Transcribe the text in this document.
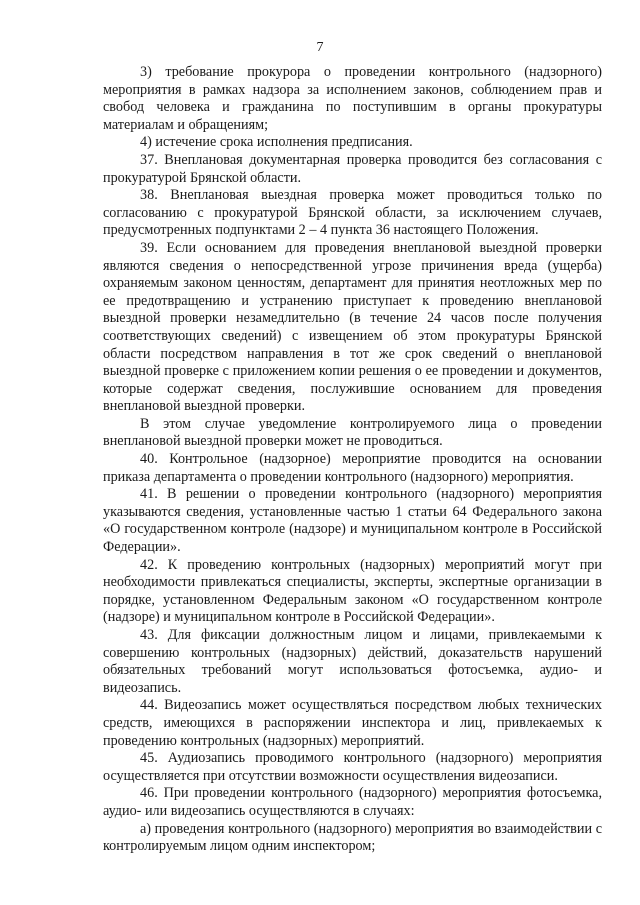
7

3) требование прокурора о проведении контрольного (надзорного) мероприятия в рамках надзора за исполнением законов, соблюдением прав и свобод человека и гражданина по поступившим в органы прокуратуры материалам и обращениям;

4) истечение срока исполнения предписания.

37. Внеплановая документарная проверка проводится без согласования с прокуратурой Брянской области.

38. Внеплановая выездная проверка может проводиться только по согласованию с прокуратурой Брянской области, за исключением случаев, предусмотренных подпунктами 2 – 4 пункта 36 настоящего Положения.

39. Если основанием для проведения внеплановой выездной проверки являются сведения о непосредственной угрозе причинения вреда (ущерба) охраняемым законом ценностям, департамент для принятия неотложных мер по ее предотвращению и устранению приступает к проведению внеплановой выездной проверки незамедлительно (в течение 24 часов после получения соответствующих сведений) с извещением об этом прокуратуры Брянской области посредством направления в тот же срок сведений о внеплановой выездной проверке с приложением копии решения о ее проведении и документов, которые содержат сведения, послужившие основанием для проведения внеплановой выездной проверки.

В этом случае уведомление контролируемого лица о проведении внеплановой выездной проверки может не проводиться.

40. Контрольное (надзорное) мероприятие проводится на основании приказа департамента о проведении контрольного (надзорного) мероприятия.

41. В решении о проведении контрольного (надзорного) мероприятия указываются сведения, установленные частью 1 статьи 64 Федерального закона «О государственном контроле (надзоре) и муниципальном контроле в Российской Федерации».

42. К проведению контрольных (надзорных) мероприятий могут при необходимости привлекаться специалисты, эксперты, экспертные организации в порядке, установленном Федеральным законом «О государственном контроле (надзоре) и муниципальном контроле в Российской Федерации».

43. Для фиксации должностным лицом и лицами, привлекаемыми к совершению контрольных (надзорных) действий, доказательств нарушений обязательных требований могут использоваться фотосъемка, аудио- и видеозапись.

44. Видеозапись может осуществляться посредством любых технических средств, имеющихся в распоряжении инспектора и лиц, привлекаемых к проведению контрольных (надзорных) мероприятий.

45. Аудиозапись проводимого контрольного (надзорного) мероприятия осуществляется при отсутствии возможности осуществления видеозаписи.

46. При проведении контрольного (надзорного) мероприятия фотосъемка, аудио- или видеозапись осуществляются в случаях:

а) проведения контрольного (надзорного) мероприятия во взаимодействии с контролируемым лицом одним инспектором;
